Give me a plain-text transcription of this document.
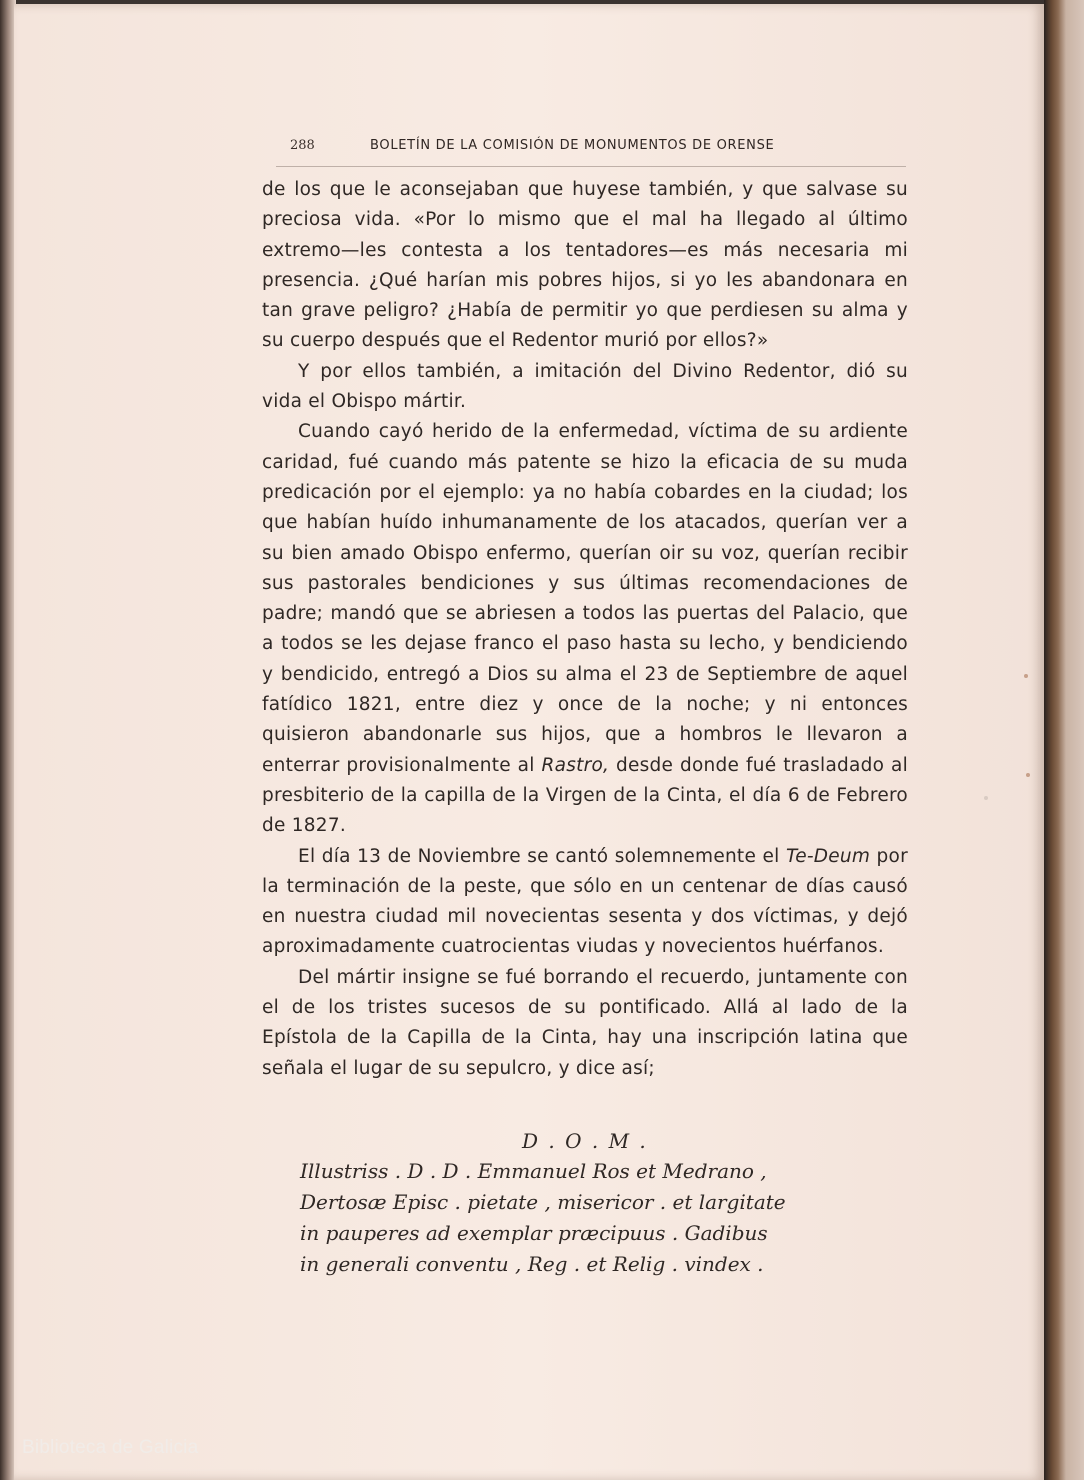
288	BOLETÍN DE LA COMISIÓN DE MONUMENTOS DE ORENSE

de los que le aconsejaban que huyese también, y que salvase su preciosa vida. «Por lo mismo que el mal ha llegado al último extremo—les contesta a los tentadores—es más necesaria mi presencia. ¿Qué harían mis pobres hijos, si yo les abandonara en tan grave peligro? ¿Había de permitir yo que perdiesen su alma y su cuerpo después que el Redentor murió por ellos?»

Y por ellos también, a imitación del Divino Redentor, dió su vida el Obispo mártir.

Cuando cayó herido de la enfermedad, víctima de su ardiente caridad, fué cuando más patente se hizo la eficacia de su muda predicación por el ejemplo: ya no había cobardes en la ciudad; los que habían huído inhumanamente de los atacados, querían ver a su bien amado Obispo enfermo, querían oir su voz, querían recibir sus pastorales bendiciones y sus últimas recomendaciones de padre; mandó que se abriesen a todos las puertas del Palacio, que a todos se les dejase franco el paso hasta su lecho, y bendiciendo y bendicido, entregó a Dios su alma el 23 de Septiembre de aquel fatídico 1821, entre diez y once de la noche; y ni entonces quisieron abandonarle sus hijos, que a hombros le llevaron a enterrar provisionalmente al Rastro, desde donde fué trasladado al presbiterio de la capilla de la Virgen de la Cinta, el día 6 de Febrero de 1827.

El día 13 de Noviembre se cantó solemnemente el Te-Deum por la terminación de la peste, que sólo en un centenar de días causó en nuestra ciudad mil novecientas sesenta y dos víctimas, y dejó aproximadamente cuatrocientas viudas y novecientos huérfanos.

Del mártir insigne se fué borrando el recuerdo, juntamente con el de los tristes sucesos de su pontificado. Allá al lado de la Epístola de la Capilla de la Cinta, hay una inscripción latina que señala el lugar de su sepulcro, y dice así;

D . O . M .
Illustriss . D . D . Emmanuel Ros et Medrano ,
Dertosæ Episc . pietate , misericor . et largitate
in pauperes ad exemplar præcipuus . Gadibus
in generali conventu , Reg . et Relig . vindex .
Biblioteca de Galicia
